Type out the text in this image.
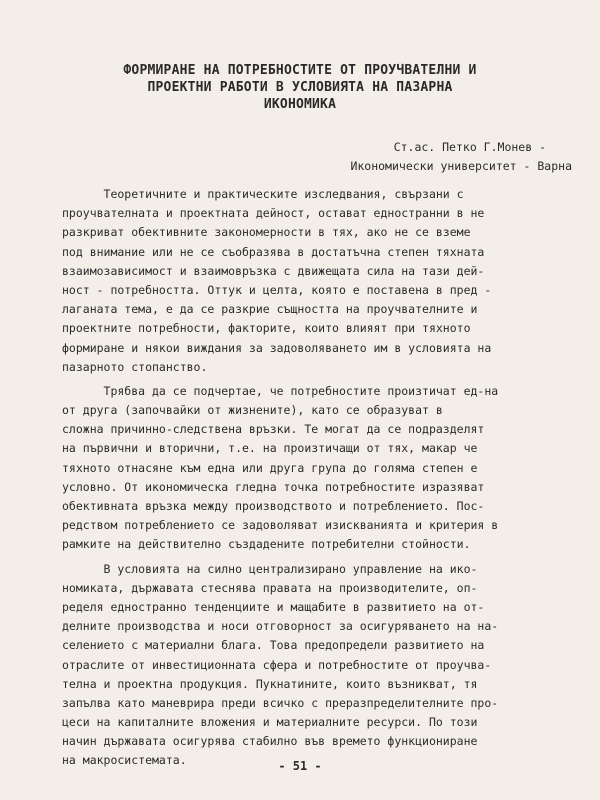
ФОРМИРАНЕ НА ПОТРЕБНОСТИТЕ ОТ ПРОУЧВАТЕЛНИ И
ПРОЕКТНИ РАБОТИ В УСЛОВИЯТА НА ПАЗАРНА
ИКОНОМИКА
Ст.ас. Петко Г.Монев -
Икономически университет - Варна
Теоретичните и практическите изследвания, свързани с
проучвателната и проектната дейност, остават едностранни в не
разкриват обективните закономерности в тях, ако не се вземе
под внимание или не се съобразява в достатъчна степен тяхната
взаимозависимост и взаимовръзка с движещата сила на тази дей-
ност - потребността. Оттук и целта, която е поставена в пред -
лаганата тема, е да се разкрие същността на проучвателните и
проектните потребности, факторите, които влияят при тяхното
формиране и някои виждания за задоволяването им в условията на
пазарното стопанство.
Трябва да се подчертае, че потребностите произтичат ед-на
от друга (започвайки от жизнените), като се образуват в
сложна причинно-следствена връзки. Те могат да се подразделят
на първични и вторични, т.е. на произтичащи от тях, макар че
тяхното отнасяне към една или друга група до голяма степен е
условно. От икономическа гледна точка потребностите изразяват
обективната връзка между производството и потреблението. Пос-
редством потреблението се задоволяват изискванията и критерия в
рамките на действително създадените потребителни стойности.
В условията на силно централизирано управление на ико-
номиката, държавата стеснява правата на производителите, оп-
ределя едностранно тенденциите и мащабите в развитието на от-
делните производства и носи отговорност за осигуряването на на-
селението с материални блага. Това предопредели развитието на
отраслите от инвестиционната сфера и потребностите от проучва-
телна и проектна продукция. Пукнатините, които възникват, тя
запълва като маневрира преди всичко с преразпределителните про-
цеси на капиталните вложения и материалните ресурси. По този
начин държавата осигурява стабилно във времето функциониране
на макросистемата.	- 51 -
